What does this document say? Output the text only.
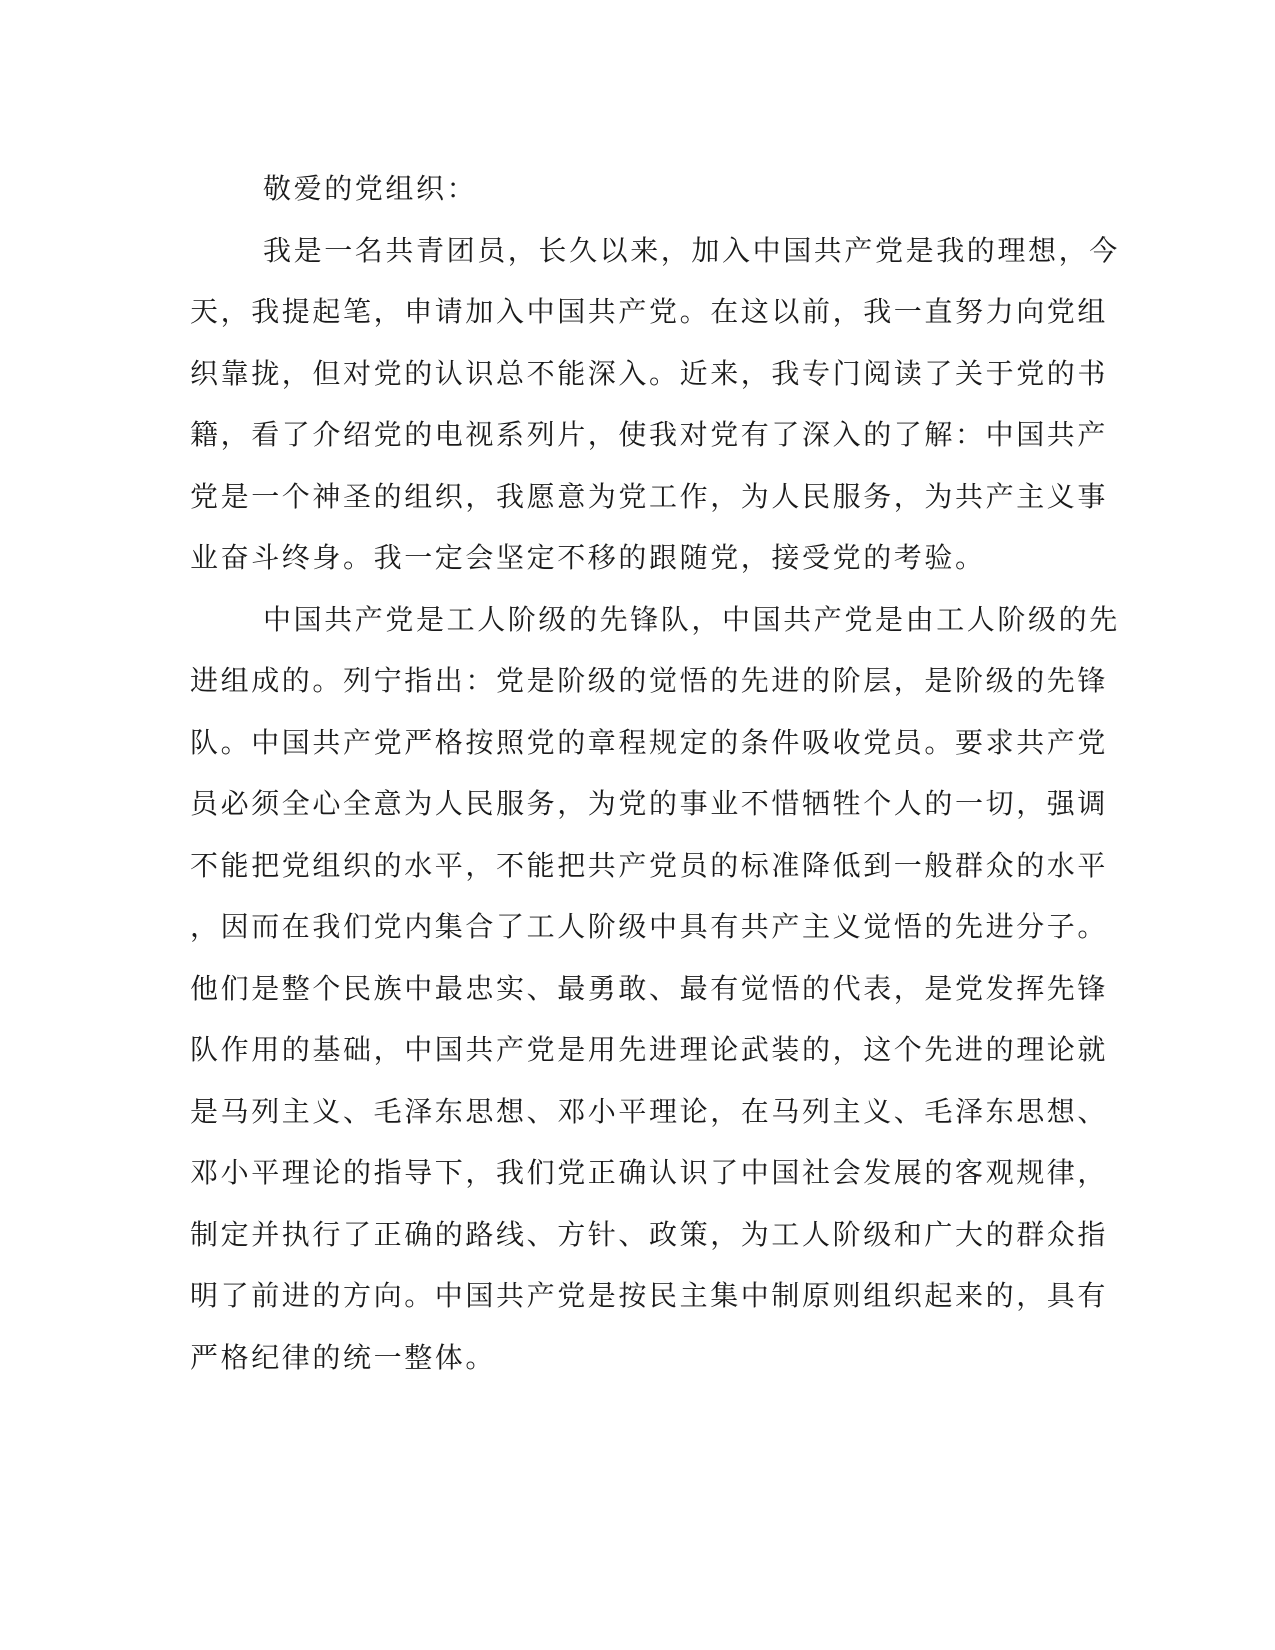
敬爱的党组织：
我是一名共青团员，长久以来，加入中国共产党是我的理想，今
天，我提起笔，申请加入中国共产党。在这以前，我一直努力向党组
织靠拢，但对党的认识总不能深入。近来，我专门阅读了关于党的书
籍，看了介绍党的电视系列片，使我对党有了深入的了解：中国共产
党是一个神圣的组织，我愿意为党工作，为人民服务，为共产主义事
业奋斗终身。我一定会坚定不移的跟随党，接受党的考验。
中国共产党是工人阶级的先锋队，中国共产党是由工人阶级的先
进组成的。列宁指出：党是阶级的觉悟的先进的阶层，是阶级的先锋
队。中国共产党严格按照党的章程规定的条件吸收党员。要求共产党
员必须全心全意为人民服务，为党的事业不惜牺牲个人的一切，强调
不能把党组织的水平，不能把共产党员的标准降低到一般群众的水平
，因而在我们党内集合了工人阶级中具有共产主义觉悟的先进分子。
他们是整个民族中最忠实、最勇敢、最有觉悟的代表，是党发挥先锋
队作用的基础，中国共产党是用先进理论武装的，这个先进的理论就
是马列主义、毛泽东思想、邓小平理论，在马列主义、毛泽东思想、
邓小平理论的指导下，我们党正确认识了中国社会发展的客观规律，
制定并执行了正确的路线、方针、政策，为工人阶级和广大的群众指
明了前进的方向。中国共产党是按民主集中制原则组织起来的，具有
严格纪律的统一整体。
